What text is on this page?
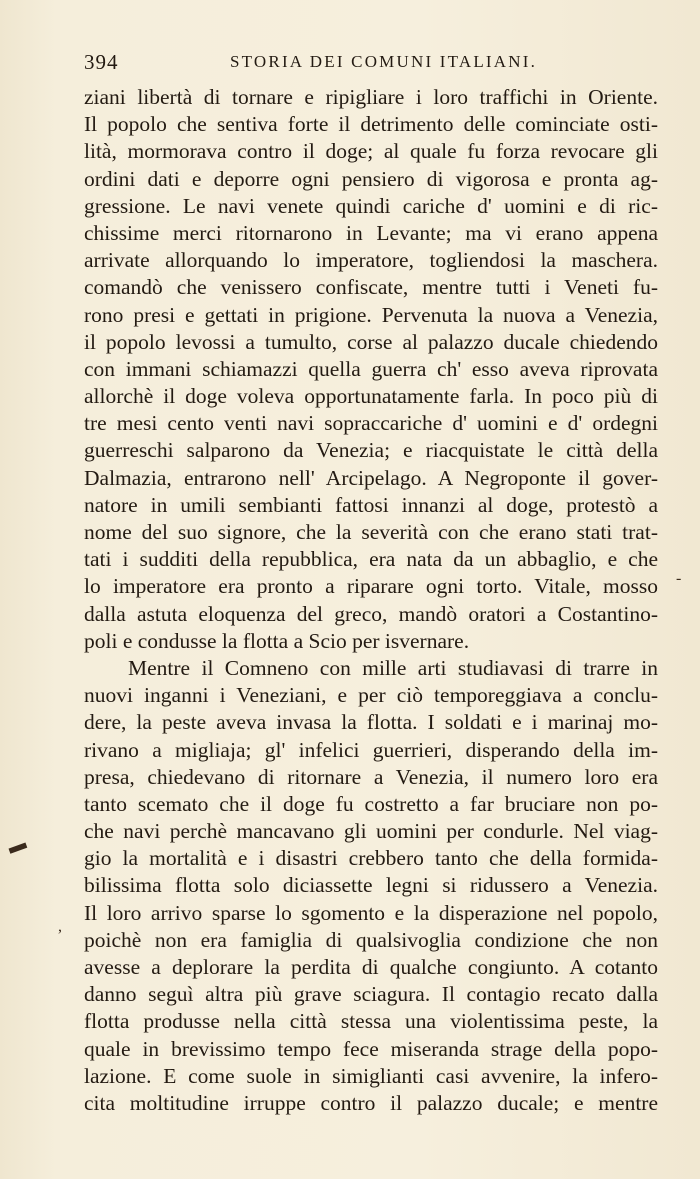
394	STORIA DEI COMUNI ITALIANI.
ziani libertà di tornare e ripigliare i loro traffichi in Oriente.
Il popolo che sentiva forte il detrimento delle cominciate osti-
lità, mormorava contro il doge; al quale fu forza revocare gli
ordini dati e deporre ogni pensiero di vigorosa e pronta ag-
gressione. Le navi venete quindi cariche d' uomini e di ric-
chissime merci ritornarono in Levante; ma vi erano appena
arrivate allorquando lo imperatore, togliendosi la maschera.
comandò che venissero confiscate, mentre tutti i Veneti fu-
rono presi e gettati in prigione. Pervenuta la nuova a Venezia,
il popolo levossi a tumulto, corse al palazzo ducale chiedendo
con immani schiamazzi quella guerra ch' esso aveva riprovata
allorchè il doge voleva opportunatamente farla. In poco più di
tre mesi cento venti navi sopraccariche d' uomini e d' ordegni
guerreschi salparono da Venezia; e riacquistate le città della
Dalmazia, entrarono nell' Arcipelago. A Negroponte il gover-
natore in umili sembianti fattosi innanzi al doge, protestò a
nome del suo signore, che la severità con che erano stati trat-
tati i sudditi della repubblica, era nata da un abbaglio, e che
lo imperatore era pronto a riparare ogni torto. Vitale, mosso
dalla astuta eloquenza del greco, mandò oratori a Costantino-
poli e condusse la flotta a Scio per isvernare.
Mentre il Comneno con mille arti studiavasi di trarre in
nuovi inganni i Veneziani, e per ciò temporeggiava a conclu-
dere, la peste aveva invasa la flotta. I soldati e i marinaj mo-
rivano a migliaja; gl' infelici guerrieri, disperando della im-
presa, chiedevano di ritornare a Venezia, il numero loro era
tanto scemato che il doge fu costretto a far bruciare non po-
che navi perchè mancavano gli uomini per condurle. Nel viag-
gio la mortalità e i disastri crebbero tanto che della formida-
bilissima flotta solo diciassette legni si ridussero a Venezia.
Il loro arrivo sparse lo sgomento e la disperazione nel popolo,
poichè non era famiglia di qualsivoglia condizione che non
avesse a deplorare la perdita di qualche congiunto. A cotanto
danno seguì altra più grave sciagura. Il contagio recato dalla
flotta produsse nella città stessa una violentissima peste, la
quale in brevissimo tempo fece miseranda strage della popo-
lazione. E come suole in simiglianti casi avvenire, la infero-
cita moltitudine irruppe contro il palazzo ducale; e mentre
-
▬
,
